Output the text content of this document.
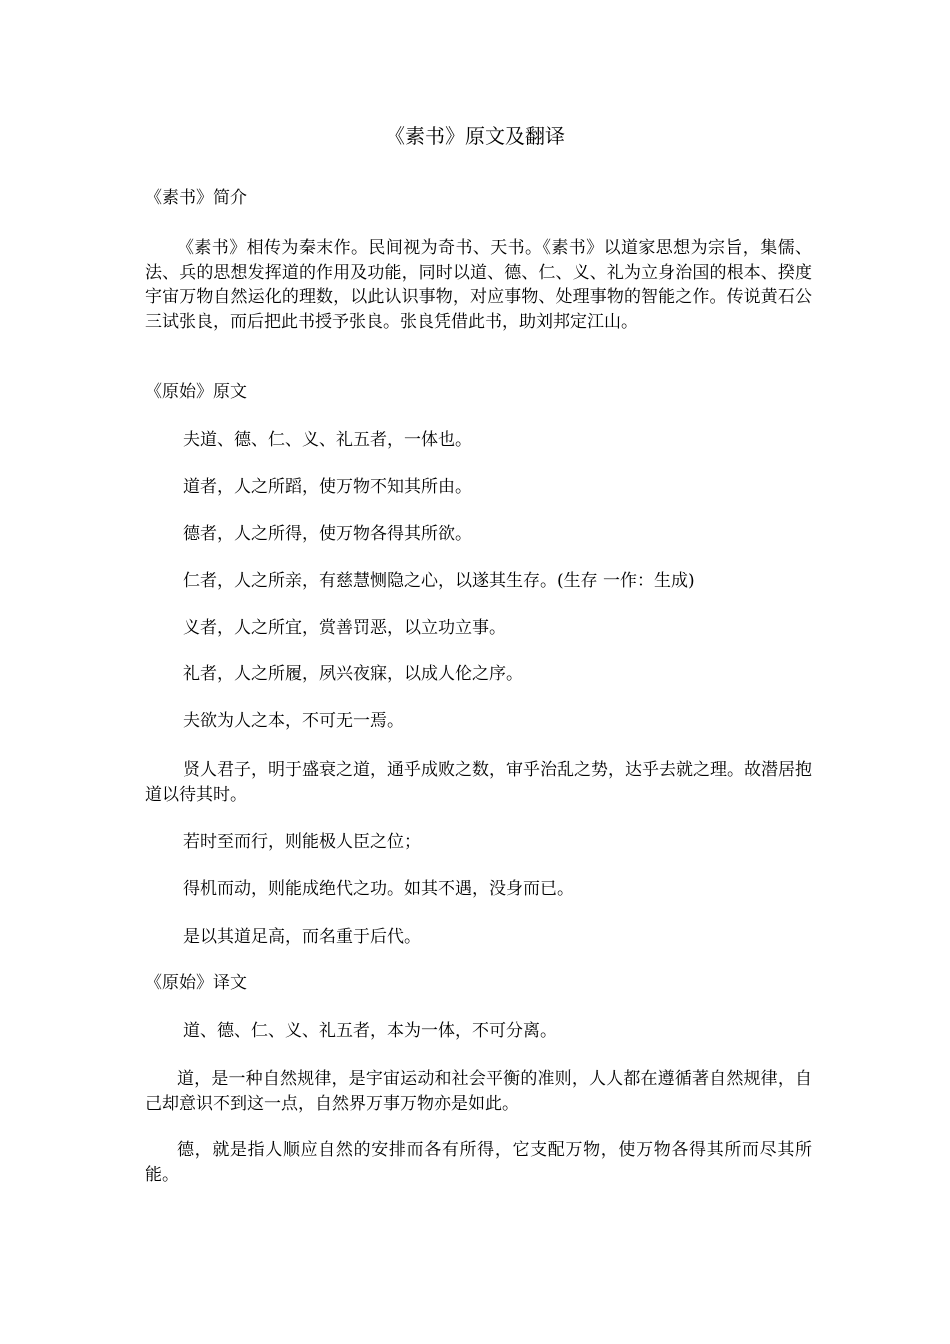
《素书》原文及翻译
《素书》简介
《素书》相传为秦末作。民间视为奇书、天书。《素书》以道家思想为宗旨，集儒、法、兵的思想发挥道的作用及功能，同时以道、德、仁、义、礼为立身治国的根本、揆度宇宙万物自然运化的理数，以此认识事物，对应事物、处理事物的智能之作。传说黄石公三试张良，而后把此书授予张良。张良凭借此书，助刘邦定江山。
《原始》原文
夫道、德、仁、义、礼五者，一体也。
道者，人之所蹈，使万物不知其所由。
德者，人之所得，使万物各得其所欲。
仁者，人之所亲，有慈慧恻隐之心，以遂其生存。(生存 一作：生成)
义者，人之所宜，赏善罚恶，以立功立事。
礼者，人之所履，夙兴夜寐，以成人伦之序。
夫欲为人之本，不可无一焉。
贤人君子，明于盛衰之道，通乎成败之数，审乎治乱之势，达乎去就之理。故潜居抱道以待其时。
若时至而行，则能极人臣之位；
得机而动，则能成绝代之功。如其不遇，没身而已。
是以其道足高，而名重于后代。
《原始》译文
道、德、仁、义、礼五者，本为一体，不可分离。
道，是一种自然规律，是宇宙运动和社会平衡的准则，人人都在遵循著自然规律，自己却意识不到这一点，自然界万事万物亦是如此。
德，就是指人顺应自然的安排而各有所得，它支配万物，使万物各得其所而尽其所能。
